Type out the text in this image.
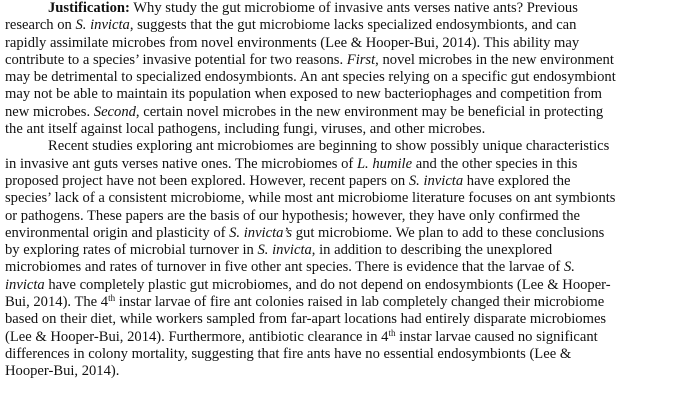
Justification: Why study the gut microbiome of invasive ants verses native ants? Previous
research on S. invicta, suggests that the gut microbiome lacks specialized endosymbionts, and can
rapidly assimilate microbes from novel environments (Lee & Hooper-Bui, 2014). This ability may
contribute to a species’ invasive potential for two reasons. First, novel microbes in the new environment
may be detrimental to specialized endosymbionts. An ant species relying on a specific gut endosymbiont
may not be able to maintain its population when exposed to new bacteriophages and competition from
new microbes. Second, certain novel microbes in the new environment may be beneficial in protecting
the ant itself against local pathogens, including fungi, viruses, and other microbes.
Recent studies exploring ant microbiomes are beginning to show possibly unique characteristics
in invasive ant guts verses native ones. The microbiomes of L. humile and the other species in this
proposed project have not been explored. However, recent papers on S. invicta have explored the
species’ lack of a consistent microbiome, while most ant microbiome literature focuses on ant symbionts
or pathogens. These papers are the basis of our hypothesis; however, they have only confirmed the
environmental origin and plasticity of S. invicta’s gut microbiome. We plan to add to these conclusions
by exploring rates of microbial turnover in S. invicta, in addition to describing the unexplored
microbiomes and rates of turnover in five other ant species. There is evidence that the larvae of S.
invicta have completely plastic gut microbiomes, and do not depend on endosymbionts (Lee & Hooper-
Bui, 2014). The 4th instar larvae of fire ant colonies raised in lab completely changed their microbiome
based on their diet, while workers sampled from far-apart locations had entirely disparate microbiomes
(Lee & Hooper-Bui, 2014). Furthermore, antibiotic clearance in 4th instar larvae caused no significant
differences in colony mortality, suggesting that fire ants have no essential endosymbionts (Lee &
Hooper-Bui, 2014).
